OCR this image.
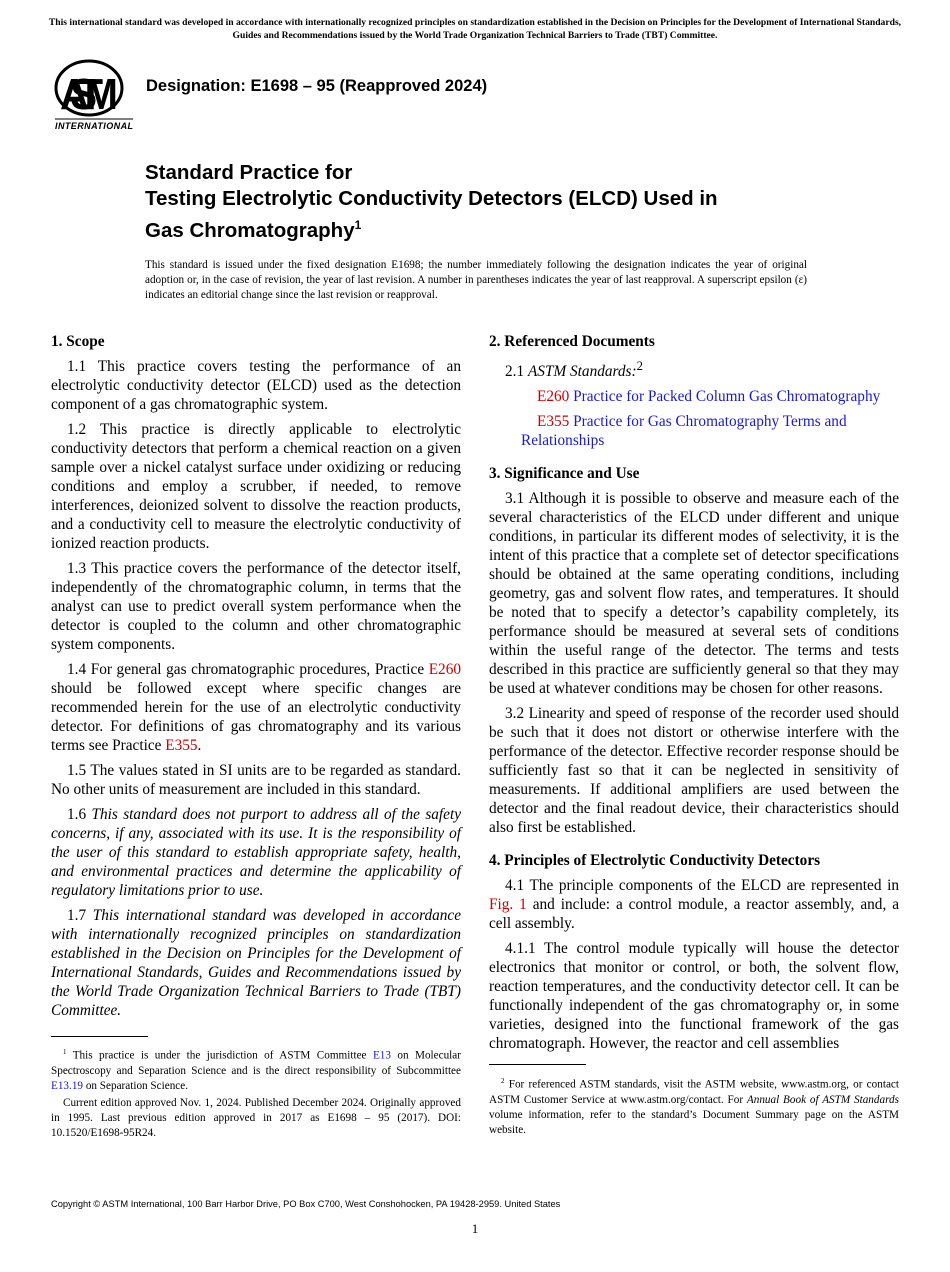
This international standard was developed in accordance with internationally recognized principles on standardization established in the Decision on Principles for the Development of International Standards, Guides and Recommendations issued by the World Trade Organization Technical Barriers to Trade (TBT) Committee.
ASTM
INTERNATIONAL
Designation: E1698 – 95 (Reapproved 2024)
Standard Practice for
Testing Electrolytic Conductivity Detectors (ELCD) Used in
Gas Chromatography$^1$
This standard is issued under the fixed designation E1698; the number immediately following the designation indicates the year of original adoption or, in the case of revision, the year of last revision. A number in parentheses indicates the year of last reapproval. A superscript epsilon (ε) indicates an editorial change since the last revision or reapproval.
1. Scope

1.1 This practice covers testing the performance of an electrolytic conductivity detector (ELCD) used as the detection component of a gas chromatographic system.

1.2 This practice is directly applicable to electrolytic conductivity detectors that perform a chemical reaction on a given sample over a nickel catalyst surface under oxidizing or reducing conditions and employ a scrubber, if needed, to remove interferences, deionized solvent to dissolve the reaction products, and a conductivity cell to measure the electrolytic conductivity of ionized reaction products.

1.3 This practice covers the performance of the detector itself, independently of the chromatographic column, in terms that the analyst can use to predict overall system performance when the detector is coupled to the column and other chromatographic system components.

1.4 For general gas chromatographic procedures, Practice E260 should be followed except where specific changes are recommended herein for the use of an electrolytic conductivity detector. For definitions of gas chromatography and its various terms see Practice E355.

1.5 The values stated in SI units are to be regarded as standard. No other units of measurement are included in this standard.

1.6 This standard does not purport to address all of the safety concerns, if any, associated with its use. It is the responsibility of the user of this standard to establish appropriate safety, health, and environmental practices and determine the applicability of regulatory limitations prior to use.

1.7 This international standard was developed in accordance with internationally recognized principles on standardization established in the Decision on Principles for the Development of International Standards, Guides and Recommendations issued by the World Trade Organization Technical Barriers to Trade (TBT) Committee.

2. Referenced Documents

2.1 ASTM Standards:$^2$

E260 Practice for Packed Column Gas Chromatography

E355 Practice for Gas Chromatography Terms and Relationships

3. Significance and Use

3.1 Although it is possible to observe and measure each of the several characteristics of the ELCD under different and unique conditions, in particular its different modes of selectivity, it is the intent of this practice that a complete set of detector specifications should be obtained at the same operating conditions, including geometry, gas and solvent flow rates, and temperatures. It should be noted that to specify a detector’s capability completely, its performance should be measured at several sets of conditions within the useful range of the detector. The terms and tests described in this practice are sufficiently general so that they may be used at whatever conditions may be chosen for other reasons.

3.2 Linearity and speed of response of the recorder used should be such that it does not distort or otherwise interfere with the performance of the detector. Effective recorder response should be sufficiently fast so that it can be neglected in sensitivity of measurements. If additional amplifiers are used between the detector and the final readout device, their characteristics should also first be established.

4. Principles of Electrolytic Conductivity Detectors

4.1 The principle components of the ELCD are represented in Fig. 1 and include: a control module, a reactor assembly, and, a cell assembly.

4.1.1 The control module typically will house the detector electronics that monitor or control, or both, the solvent flow, reaction temperatures, and the conductivity detector cell. It can be functionally independent of the gas chromatography or, in some varieties, designed into the functional framework of the gas chromatograph. However, the reactor and cell assemblies

$^1$ This practice is under the jurisdiction of ASTM Committee E13 on Molecular Spectroscopy and Separation Science and is the direct responsibility of Subcommittee E13.19 on Separation Science.

Current edition approved Nov. 1, 2024. Published December 2024. Originally approved in 1995. Last previous edition approved in 2017 as E1698 – 95 (2017). DOI: 10.1520/E1698-95R24.

$^2$ For referenced ASTM standards, visit the ASTM website, www.astm.org, or contact ASTM Customer Service at www.astm.org/contact. For Annual Book of ASTM Standards volume information, refer to the standard’s Document Summary page on the ASTM website.

Copyright © ASTM International, 100 Barr Harbor Drive, PO Box C700, West Conshohocken, PA 19428-2959. United States
1
